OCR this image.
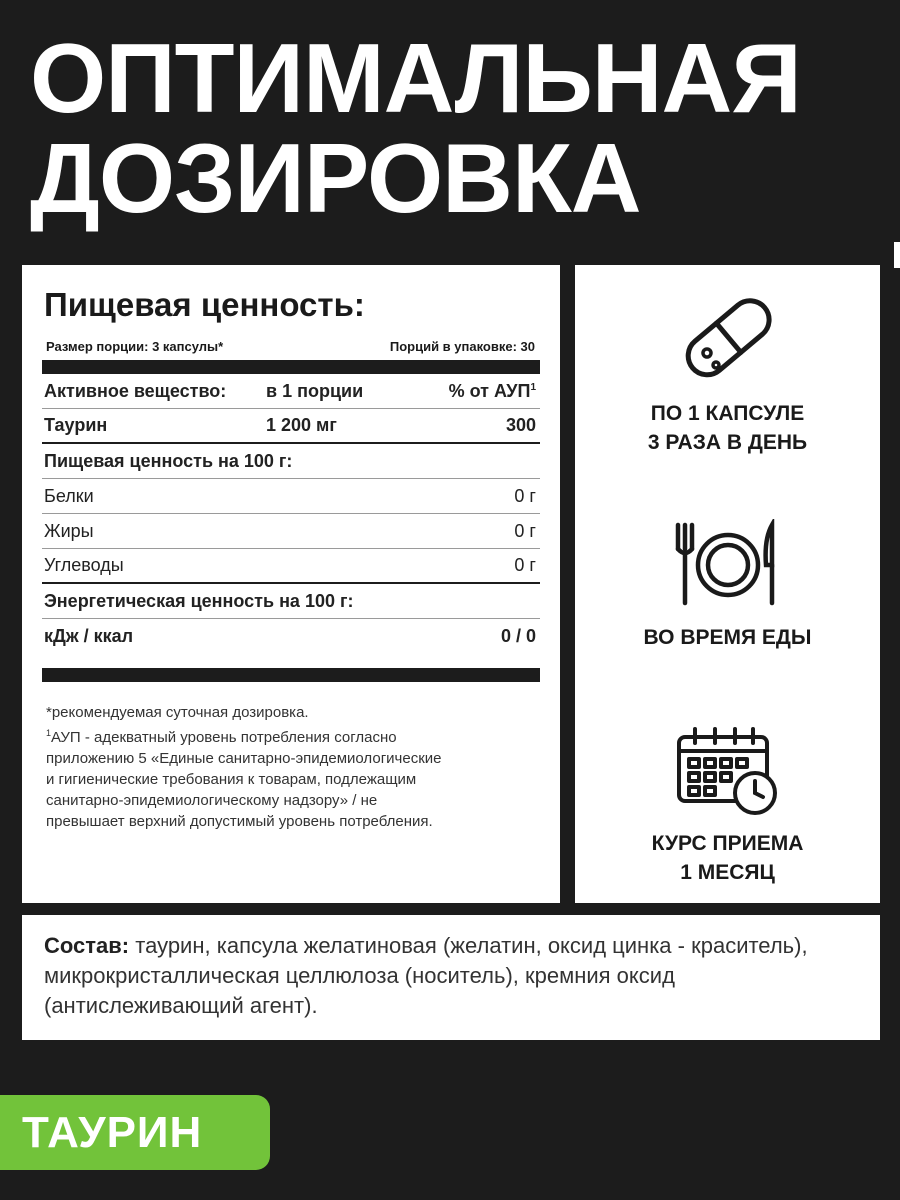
ОПТИМАЛЬНАЯ
ДОЗИРОВКА
Пищевая ценность:
Размер порции: 3 капсулы*	Порций в упаковке: 30
Активное вещество:	в 1 порции	% от АУП$^1$
Таурин	1 200 мг	300
Пищевая ценность на 100 г:
Белки	0 г
Жиры	0 г
Углеводы	0 г
Энергетическая ценность на 100 г:
кДж / ккал	0 / 0

*рекомендуемая суточная дозировка.

$^1$АУП - адекватный уровень потребления согласно

приложению 5 «Единые санитарно-эпидемиологические

и гигиенические требования к товарам, подлежащим

санитарно-эпидемиологическому надзору» / не

превышает верхний допустимый уровень потребления.

ПО 1 КАПСУЛЕ
3 РАЗА В ДЕНЬ
ВО ВРЕМЯ ЕДЫ
КУРС ПРИЕМА
1 МЕСЯЦ
Состав: таурин, капсула желатиновая (желатин, оксид цинка - краситель), микрокристаллическая целлюлоза (носитель), кремния оксид (антислеживающий агент).
ТАУРИН
